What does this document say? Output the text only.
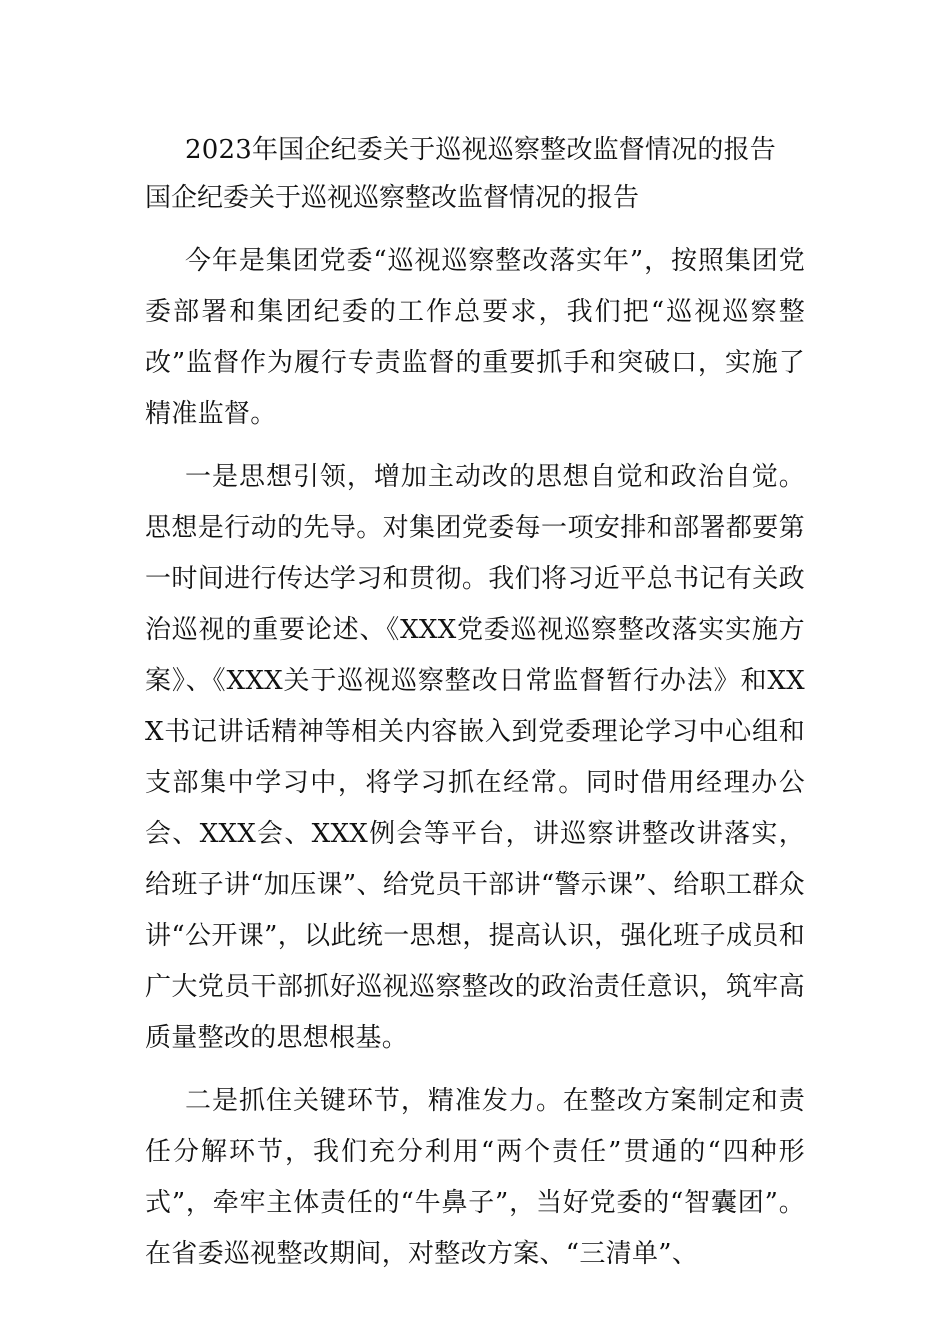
2023年国企纪委关于巡视巡察整改监督情况的报告
国企纪委关于巡视巡察整改监督情况的报告

今年是集团党委“巡视巡察整改落实年”，按照集团党委部署和集团纪委的工作总要求，我们把“巡视巡察整改”监督作为履行专责监督的重要抓手和突破口，实施了精准监督。

一是思想引领，增加主动改的思想自觉和政治自觉。思想是行动的先导。对集团党委每一项安排和部署都要第一时间进行传达学习和贯彻。我们将习近平总书记有关政治巡视的重要论述、《XXX党委巡视巡察整改落实实施方案》、《XXX关于巡视巡察整改日常监督暂行办法》和XXX书记讲话精神等相关内容嵌入到党委理论学习中心组和支部集中学习中，将学习抓在经常。同时借用经理办公会、XXX会、XXX例会等平台，讲巡察讲整改讲落实，给班子讲“加压课”、给党员干部讲“警示课”、给职工群众讲“公开课”，以此统一思想，提高认识，强化班子成员和广大党员干部抓好巡视巡察整改的政治责任意识，筑牢高质量整改的思想根基。

二是抓住关键环节，精准发力。在整改方案制定和责任分解环节，我们充分利用“两个责任”贯通的“四种形式”，牵牢主体责任的“牛鼻子”，当好党委的“智囊团”。在省委巡视整改期间，对整改方案、“三清单”、
